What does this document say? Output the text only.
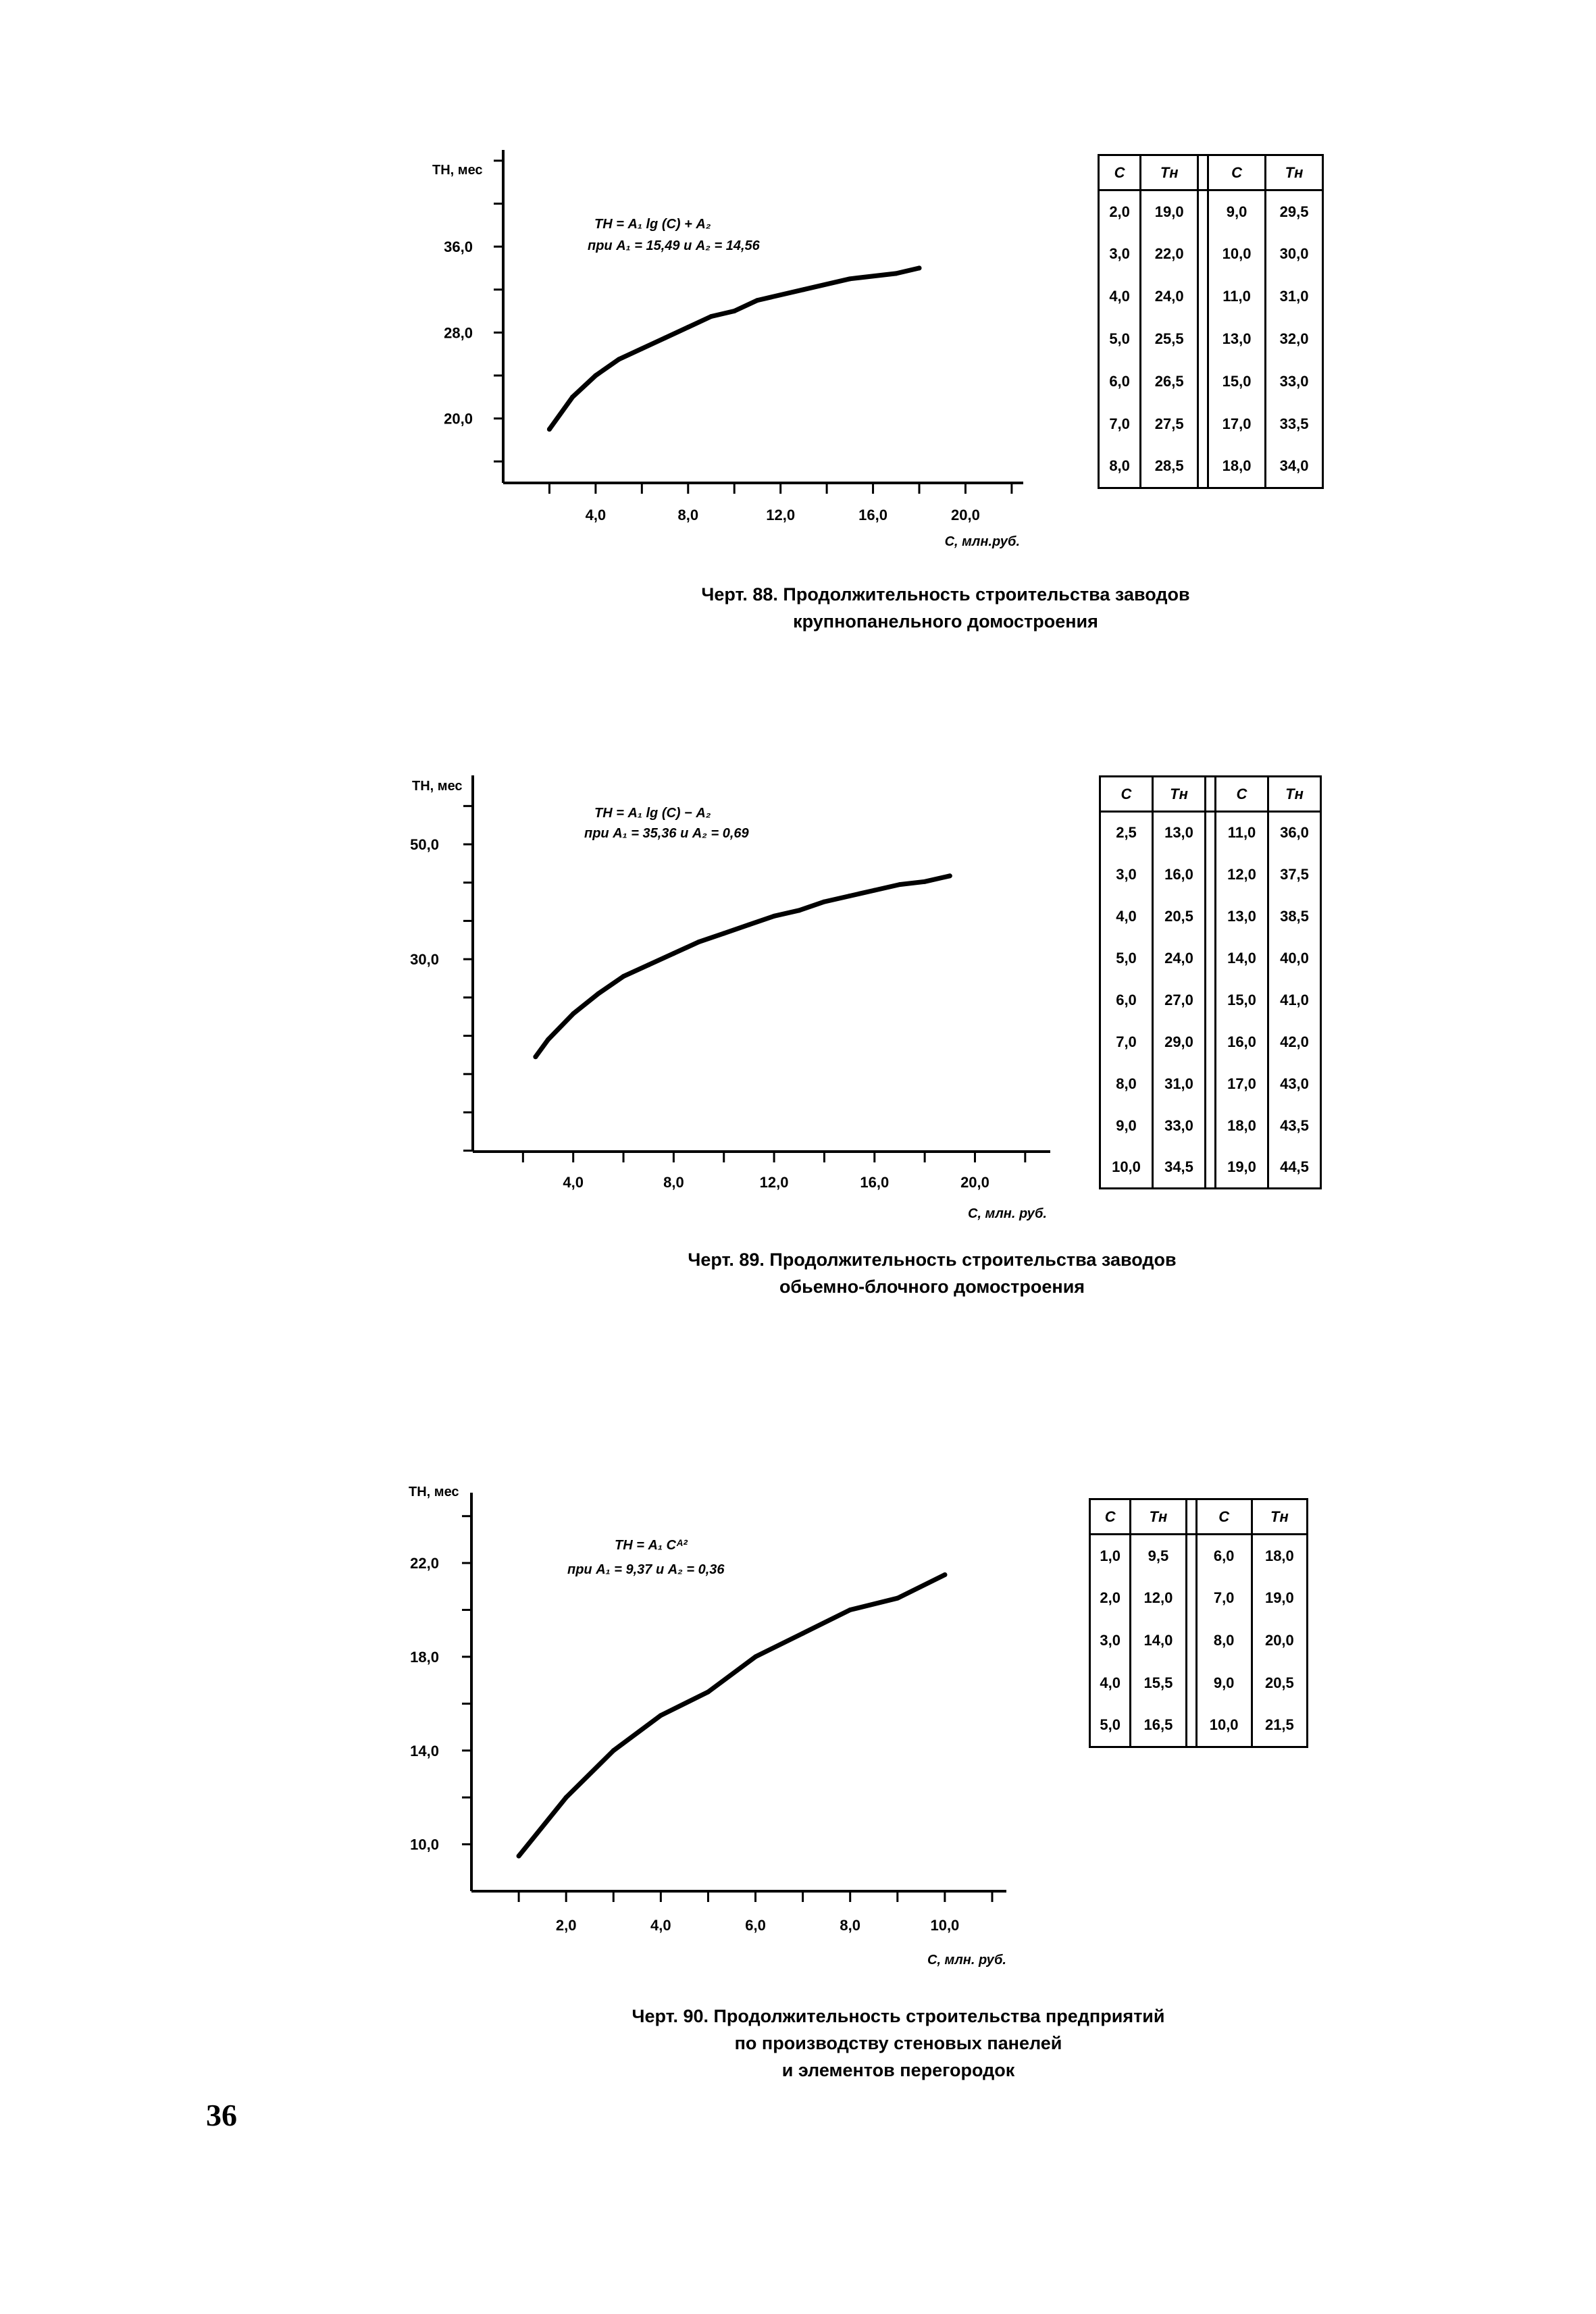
4,0	8,0	12,0	16,0	20,0
20,0
28,0
36,0
ТН, мес
С, млн.руб.
ТН = А₁ lg (C) + А₂
при А₁ = 15,49 и А₂ = 14,56
С	Тн		С	Тн
2,0	19,0		9,0	29,5
3,0	22,0		10,0	30,0
4,0	24,0		11,0	31,0
5,0	25,5		13,0	32,0
6,0	26,5		15,0	33,0
7,0	27,5		17,0	33,5
8,0	28,5		18,0	34,0
Черт. 88. Продолжительность строительства заводов
крупнопанельного домостроения
4,0	8,0	12,0	16,0	20,0
30,0
50,0
ТН, мес
С, млн. руб.
ТН = А₁ lg (C) − А₂
при А₁ = 35,36 и А₂ = 0,69
С	Тн		С	Тн
2,5	13,0		11,0	36,0
3,0	16,0		12,0	37,5
4,0	20,5		13,0	38,5
5,0	24,0		14,0	40,0
6,0	27,0		15,0	41,0
7,0	29,0		16,0	42,0
8,0	31,0		17,0	43,0
9,0	33,0		18,0	43,5
10,0	34,5		19,0	44,5
Черт. 89. Продолжительность строительства заводов
обьемно-блочного домостроения
2,0	4,0	6,0	8,0	10,0
10,0
14,0
18,0
22,0
ТН, мес
С, млн. руб.
ТН = А₁ Сᴬ²
при А₁ = 9,37 и А₂ = 0,36
С	Тн		С	Тн
1,0	9,5		6,0	18,0
2,0	12,0		7,0	19,0
3,0	14,0		8,0	20,0
4,0	15,5		9,0	20,5
5,0	16,5		10,0	21,5
Черт. 90. Продолжительность строительства предприятий
по производству стеновых панелей
и элементов перегородок
36
